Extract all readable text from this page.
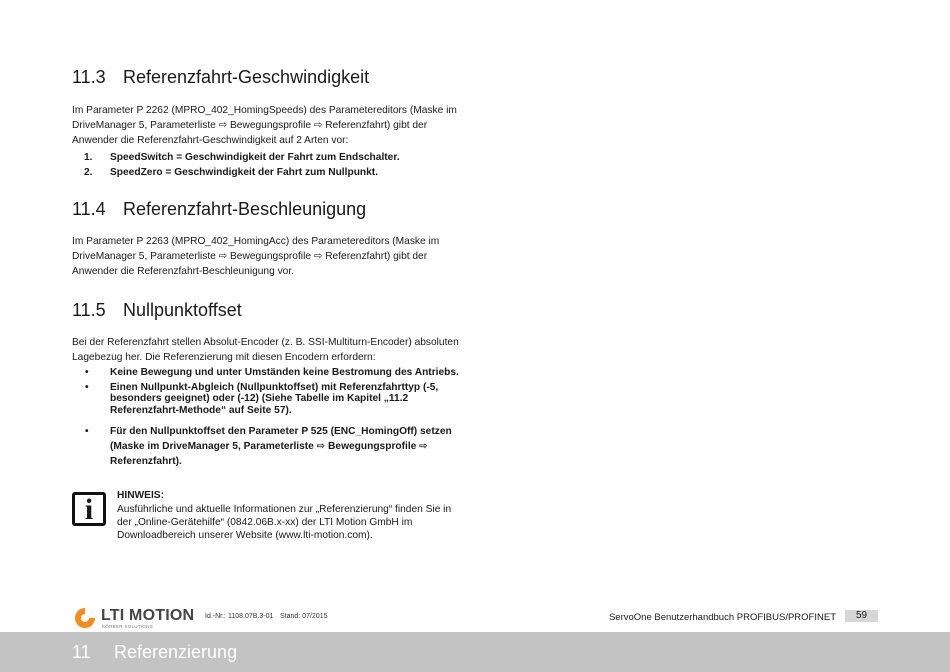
11.3 Referenzfahrt-Geschwindigkeit

Im Parameter P 2262 (MPRO_402_HomingSpeeds) des Parametereditors (Maske im DriveManager 5, Parameterliste ⇨ Bewegungsprofile ⇨ Referenzfahrt) gibt der Anwender die Referenzfahrt-Geschwindigkeit auf 2 Arten vor:

1. SpeedSwitch = Geschwindigkeit der Fahrt zum Endschalter.
2. SpeedZero = Geschwindigkeit der Fahrt zum Nullpunkt.
11.4 Referenzfahrt-Beschleunigung

Im Parameter P 2263 (MPRO_402_HomingAcc) des Parametereditors (Maske im DriveManager 5, Parameterliste ⇨ Bewegungsprofile ⇨ Referenzfahrt) gibt der Anwender die Referenzfahrt-Beschleunigung vor.

11.5 Nullpunktoffset

Bei der Referenzfahrt stellen Absolut-Encoder (z. B. SSI-Multiturn-Encoder) absoluten Lagebezug her. Die Referenzierung mit diesen Encodern erfordern:

• Keine Bewegung und unter Umständen keine Bestromung des Antriebs.
• Einen Nullpunkt-Abgleich (Nullpunktoffset) mit Referenzfahrttyp (-5, besonders geeignet) oder (-12) (Siehe Tabelle im Kapitel „11.2 Referenzfahrt-Methode“ auf Seite 57).
• Für den Nullpunktoffset den Parameter P 525 (ENC_HomingOff) setzen (Maske im DriveManager 5, Parameterliste ⇨ Bewegungsprofile ⇨ Referenzfahrt).
i	HINWEIS:
Ausführliche und aktuelle Informationen zur „Referenzierung“ finden Sie in der „Online-Gerätehilfe“ (0842.06B.x-xx) der LTI Motion GmbH im Downloadbereich unserer Website (www.lti-motion.com).
LTI MOTION
KÖRBER SOLUTIONS
Id.-Nr.: 1108.07B.3-01 Stand: 07/2015	ServoOne Benutzerhandbuch PROFIBUS/PROFINET	59
11 Referenzierung
